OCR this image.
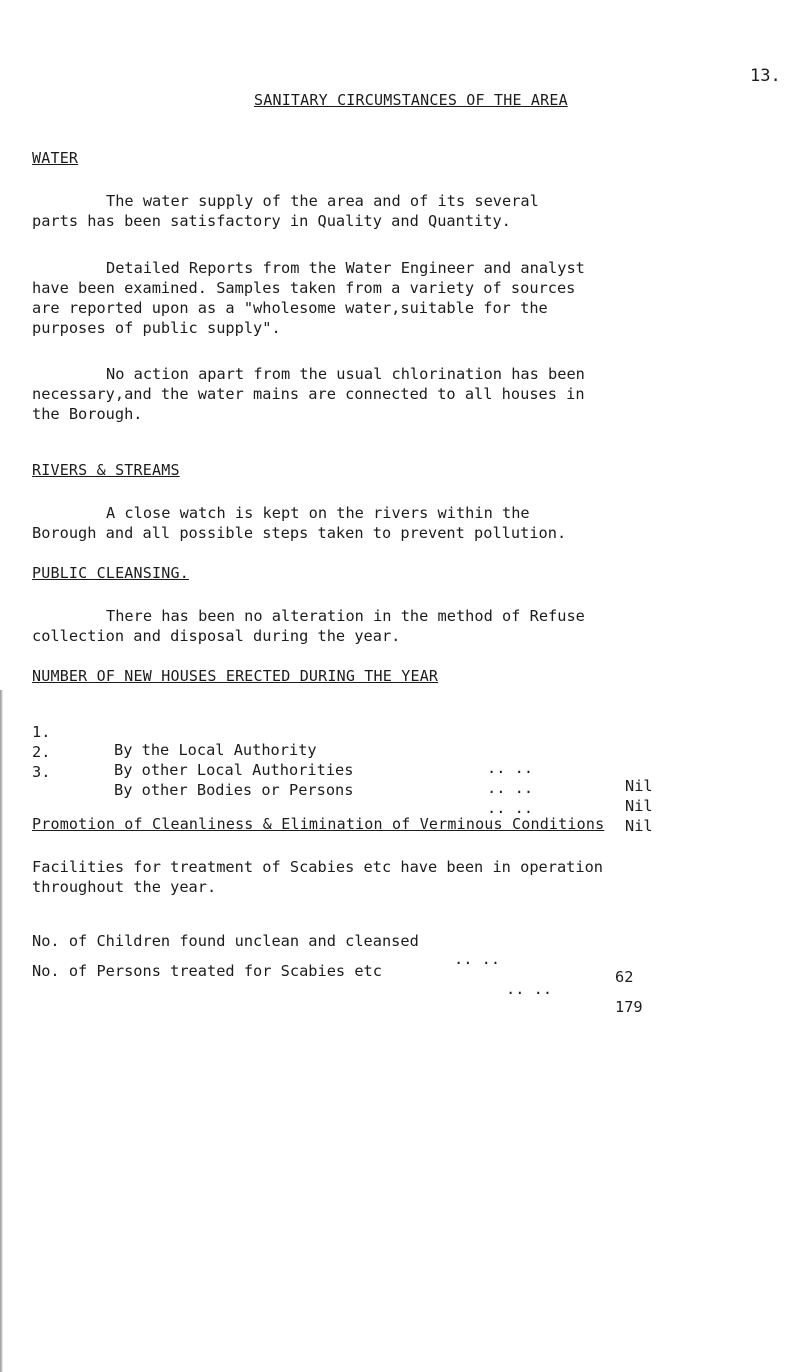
13.
SANITARY CIRCUMSTANCES OF THE AREA
WATER
The water supply of the area and of its several
parts has been satisfactory in Quality and Quantity.
Detailed Reports from the Water Engineer and analyst
have been examined. Samples taken from a variety of sources
are reported upon as a "wholesome water,suitable for the
purposes of public supply".
No action apart from the usual chlorination has been
necessary,and the water mains are connected to all houses in
the Borough.
RIVERS & STREAMS
A close watch is kept on the rivers within the
Borough and all possible steps taken to prevent pollution.
PUBLIC CLEANSING.
There has been no alteration in the method of Refuse
collection and disposal during the year.
NUMBER OF NEW HOUSES ERECTED DURING THE YEAR

1.

By the Local Authority

.. ..

Nil

2.

By other Local Authorities

.. ..

Nil

3.

By other Bodies or Persons

.. ..

Nil

Promotion of Cleanliness & Elimination of Verminous Conditions
Facilities for treatment of Scabies etc have been in operation
throughout the year.

No. of Children found unclean and cleansed

.. ..

62

No. of Persons treated for Scabies etc

.. ..

179
